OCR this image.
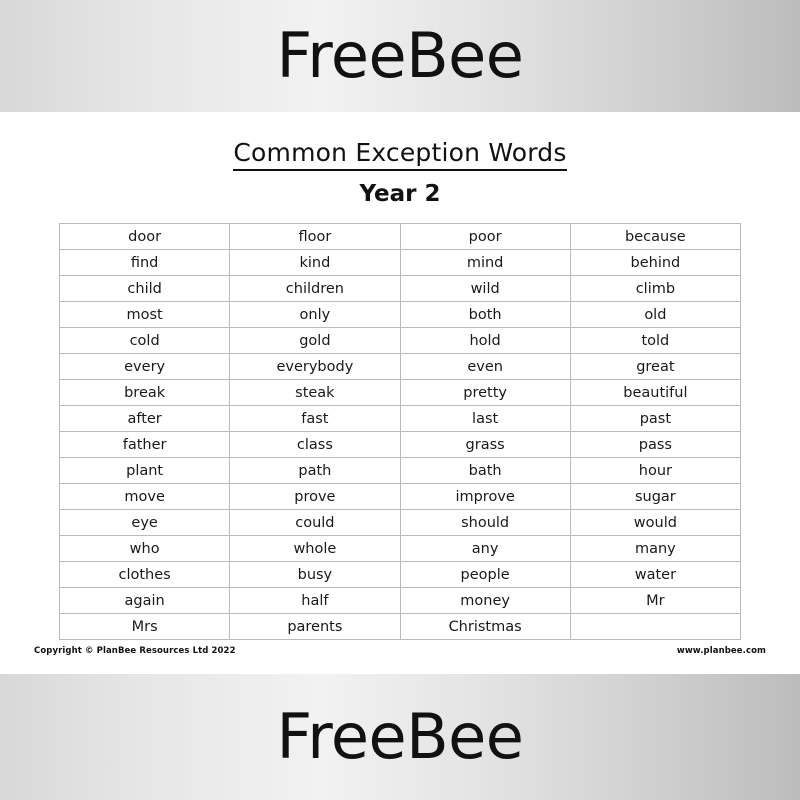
FreeBee
Common Exception Words
Year 2
door	floor	poor	because
find	kind	mind	behind
child	children	wild	climb
most	only	both	old
cold	gold	hold	told
every	everybody	even	great
break	steak	pretty	beautiful
after	fast	last	past
father	class	grass	pass
plant	path	bath	hour
move	prove	improve	sugar
eye	could	should	would
who	whole	any	many
clothes	busy	people	water
again	half	money	Mr
Mrs	parents	Christmas	
Copyright © PlanBee Resources Ltd 2022	www.planbee.com
FreeBee
